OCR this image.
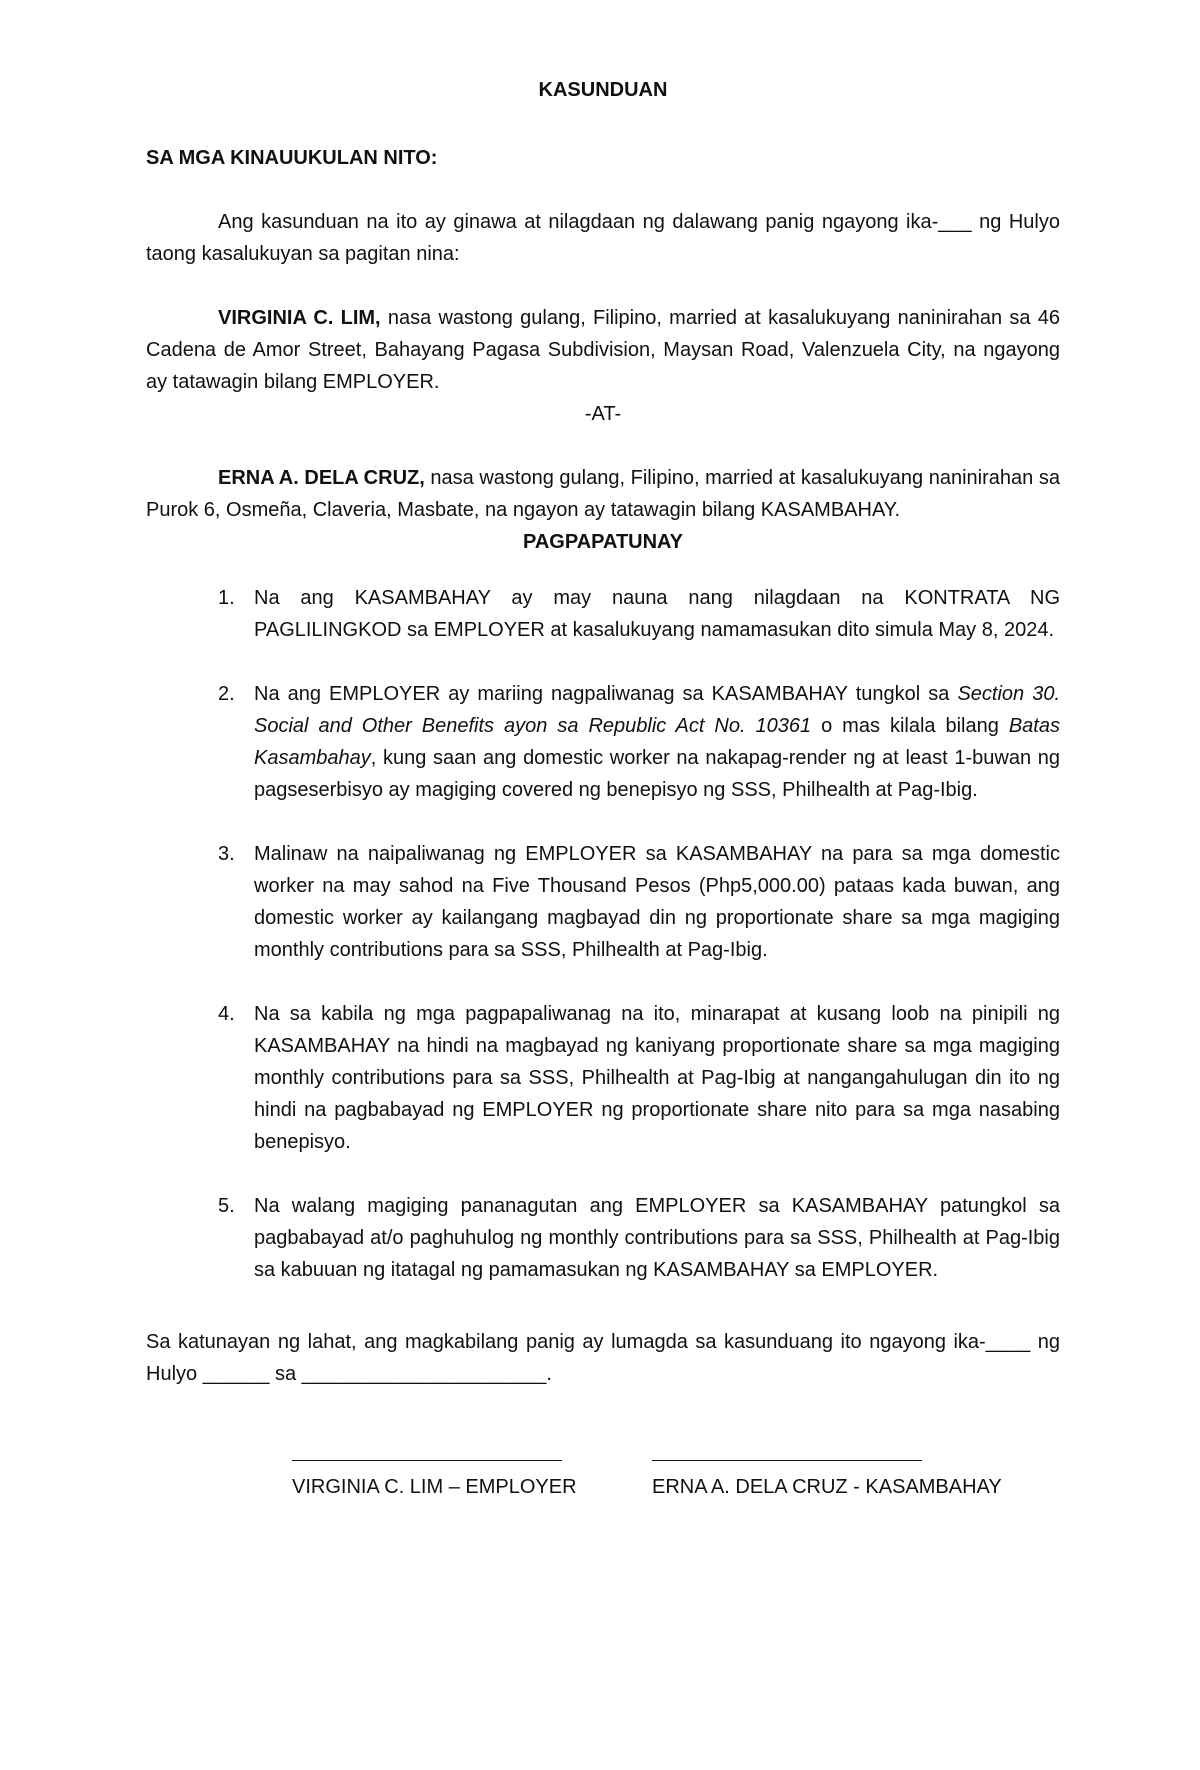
KASUNDUAN
SA MGA KINAUUKULAN NITO:

Ang kasunduan na ito ay ginawa at nilagdaan ng dalawang panig ngayong ika-___ ng Hulyo taong kasalukuyan sa pagitan nina:

VIRGINIA C. LIM, nasa wastong gulang, Filipino, married at kasalukuyang naninirahan sa 46 Cadena de Amor Street, Bahayang Pagasa Subdivision, Maysan Road, Valenzuela City, na ngayong ay tatawagin bilang EMPLOYER.

-AT-

ERNA A. DELA CRUZ, nasa wastong gulang, Filipino, married at kasalukuyang naninirahan sa Purok 6, Osmeña, Claveria, Masbate, na ngayon ay tatawagin bilang KASAMBAHAY.

PAGPAPATUNAY
1. Na ang KASAMBAHAY ay may nauna nang nilagdaan na KONTRATA NG PAGLILINGKOD sa EMPLOYER at kasalukuyang namamasukan dito simula May 8, 2024.
2. Na ang EMPLOYER ay mariing nagpaliwanag sa KASAMBAHAY tungkol sa Section 30. Social and Other Benefits ayon sa Republic Act No. 10361 o mas kilala bilang Batas Kasambahay, kung saan ang domestic worker na nakapag-render ng at least 1-buwan ng pagseserbisyo ay magiging covered ng benepisyo ng SSS, Philhealth at Pag-Ibig.
3. Malinaw na naipaliwanag ng EMPLOYER sa KASAMBAHAY na para sa mga domestic worker na may sahod na Five Thousand Pesos (Php5,000.00) pataas kada buwan, ang domestic worker ay kailangang magbayad din ng proportionate share sa mga magiging monthly contributions para sa SSS, Philhealth at Pag-Ibig.
4. Na sa kabila ng mga pagpapaliwanag na ito, minarapat at kusang loob na pinipili ng KASAMBAHAY na hindi na magbayad ng kaniyang proportionate share sa mga magiging monthly contributions para sa SSS, Philhealth at Pag-Ibig at nangangahulugan din ito ng hindi na pagbabayad ng EMPLOYER ng proportionate share nito para sa mga nasabing benepisyo.
5. Na walang magiging pananagutan ang EMPLOYER sa KASAMBAHAY patungkol sa pagbabayad at/o paghuhulog ng monthly contributions para sa SSS, Philhealth at Pag-Ibig sa kabuuan ng itatagal ng pamamasukan ng KASAMBAHAY sa EMPLOYER.

Sa katunayan ng lahat, ang magkabilang panig ay lumagda sa kasunduang ito ngayong ika-____ ng Hulyo ______ sa ______________________.

VIRGINIA C. LIM – EMPLOYER	ERNA A. DELA CRUZ - KASAMBAHAY
